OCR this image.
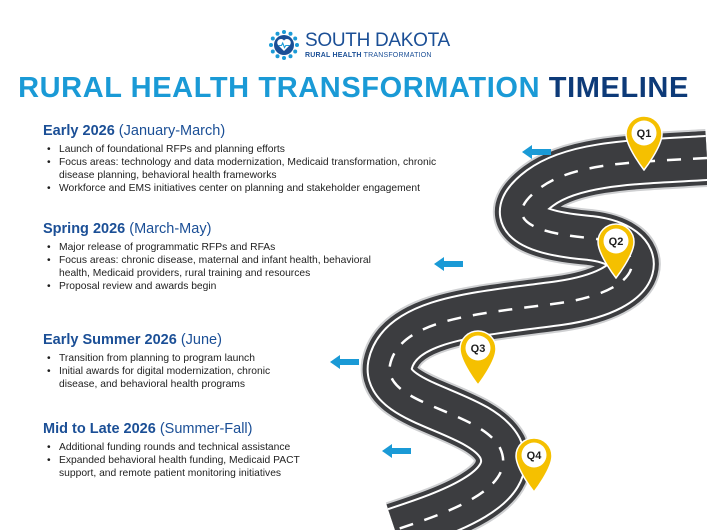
SOUTH DAKOTA
RURAL HEALTH TRANSFORMATION
RURAL HEALTH TRANSFORMATION TIMELINE
Early 2026 (January-March)
• Launch of foundational RFPs and planning efforts
• Focus areas: technology and data modernization, Medicaid transformation, chronic
disease planning, behavioral health frameworks
• Workforce and EMS initiatives center on planning and stakeholder engagement
Spring 2026 (March-May)
• Major release of programmatic RFPs and RFAs
• Focus areas: chronic disease, maternal and infant health, behavioral
health, Medicaid providers, rural training and resources
• Proposal review and awards begin
Early Summer 2026 (June)
• Transition from planning to program launch
• Initial awards for digital modernization, chronic
disease, and behavioral health programs
Mid to Late 2026 (Summer-Fall)
• Additional funding rounds and technical assistance
• Expanded behavioral health funding, Medicaid PACT
support, and remote patient monitoring initiatives
Q1
Q2
Q3
Q4
